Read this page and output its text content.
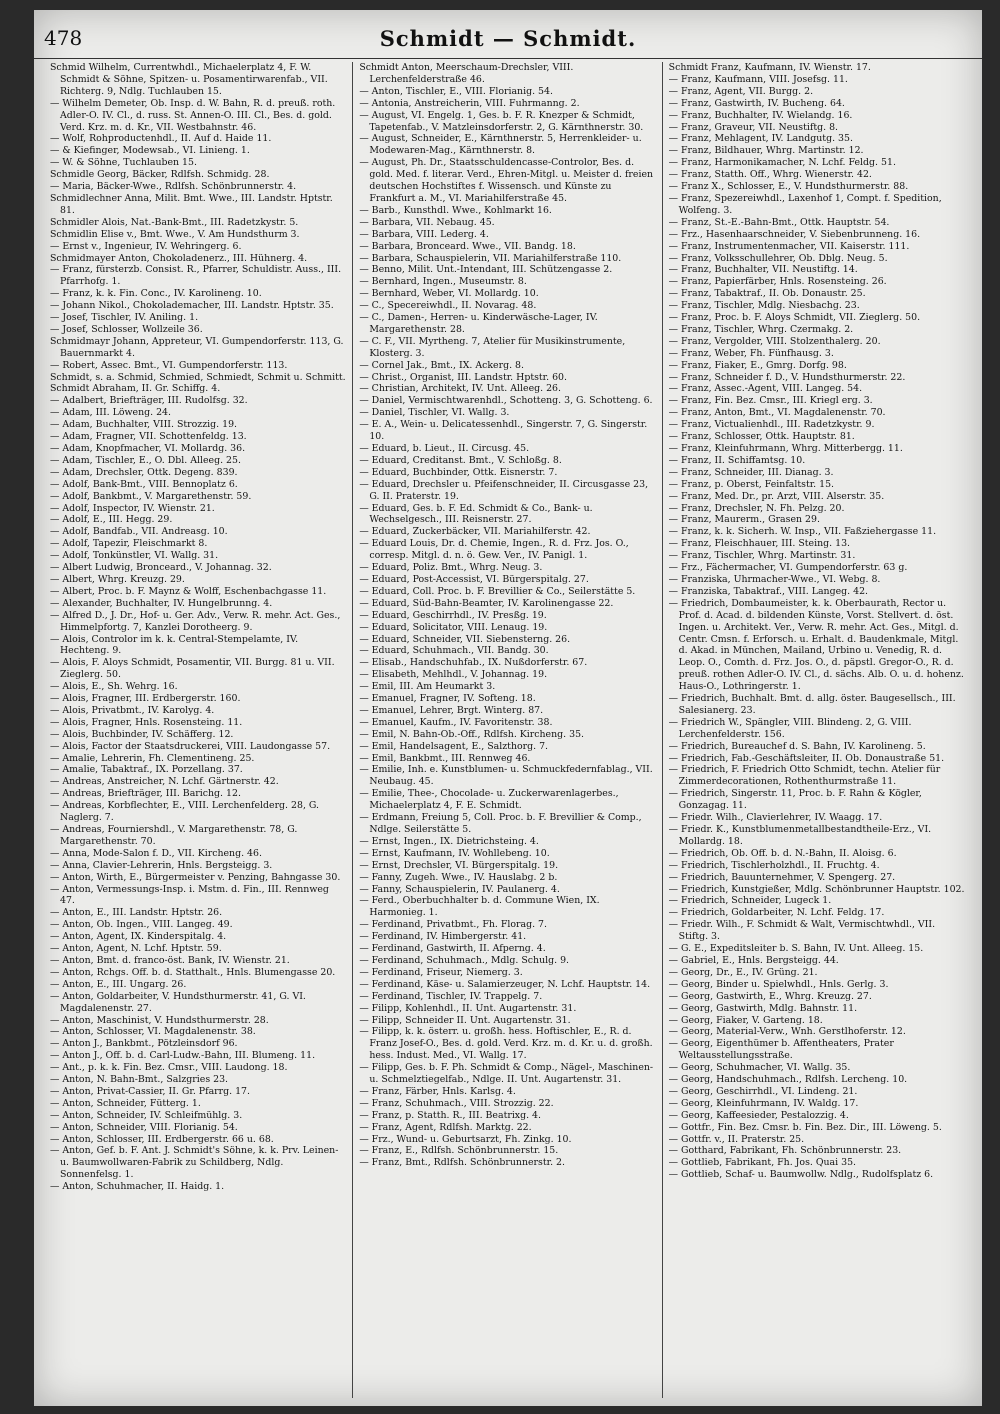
478	Schmidt — Schmidt.
Schmid Wilhelm, Currentwhdl., Michaelerplatz 4, F. W. Schmidt & Söhne, Spitzen- u. Posamentirwarenfab., VII. Richterg. 9, Ndlg. Tuchlauben 15.
— Wilhelm Demeter, Ob. Insp. d. W. Bahn, R. d. preuß. roth. Adler-O. IV. Cl., d. russ. St. Annen-O. III. Cl., Bes. d. gold. Verd. Krz. m. d. Kr., VII. Westbahnstr. 46.
— Wolf, Rohproductenhdl., II. Auf d. Haide 11.
— & Kiefinger, Modewsab., VI. Linieng. 1.
— W. & Söhne, Tuchlauben 15.
Schmidle Georg, Bäcker, Rdlfsh. Schmidg. 28.
— Maria, Bäcker-Wwe., Rdlfsh. Schönbrunnerstr. 4.
Schmidlechner Anna, Milit. Bmt. Wwe., III. Landstr. Hptstr. 81.
Schmidler Alois, Nat.-Bank-Bmt., III. Radetzkystr. 5.
Schmidlin Elise v., Bmt. Wwe., V. Am Hundsthurm 3.
— Ernst v., Ingenieur, IV. Wehringerg. 6.
Schmidmayer Anton, Chokoladenerz., III. Hühnerg. 4.
— Franz, fürsterzb. Consist. R., Pfarrer, Schuldistr. Auss., III. Pfarrhofg. 1.
— Franz, k. k. Fin. Conc., IV. Karolineng. 10.
— Johann Nikol., Chokolademacher, III. Landstr. Hptstr. 35.
— Josef, Tischler, IV. Aniling. 1.
— Josef, Schlosser, Wollzeile 36.
Schmidmayr Johann, Appreteur, VI. Gumpendorferstr. 113, G. Bauernmarkt 4.
— Robert, Assec. Bmt., VI. Gumpendorferstr. 113.
Schmidt, s. a. Schmid, Schmied, Schmiedt, Schmit u. Schmitt.
Schmidt Abraham, II. Gr. Schiffg. 4.
— Adalbert, Briefträger, III. Rudolfsg. 32.
— Adam, III. Löweng. 24.
— Adam, Buchhalter, VIII. Strozzig. 19.
— Adam, Fragner, VII. Schottenfeldg. 13.
— Adam, Knopfmacher, VI. Mollardg. 36.
— Adam, Tischler, E., O. Dbl. Alleeg. 25.
— Adam, Drechsler, Ottk. Degeng. 839.
— Adolf, Bank-Bmt., VIII. Bennoplatz 6.
— Adolf, Bankbmt., V. Margarethenstr. 59.
— Adolf, Inspector, IV. Wienstr. 21.
— Adolf, E., III. Hegg. 29.
— Adolf, Bandfab., VII. Andreasg. 10.
— Adolf, Tapezir, Fleischmarkt 8.
— Adolf, Tonkünstler, VI. Wallg. 31.
— Albert Ludwig, Bronceard., V. Johannag. 32.
— Albert, Whrg. Kreuzg. 29.
— Albert, Proc. b. F. Maynz & Wolff, Eschenbachgasse 11.
— Alexander, Buchhalter, IV. Hungelbrunng. 4.
— Alfred D., J. Dr., Hof- u. Ger. Adv., Verw. R. mehr. Act. Ges., Himmelpfortg. 7, Kanzlei Dorotheerg. 9.
— Alois, Controlor im k. k. Central-Stempelamte, IV. Hechteng. 9.
— Alois, F. Aloys Schmidt, Posamentir, VII. Burgg. 81 u. VII. Zieglerg. 50.
— Alois, E., Sh. Wehrg. 16.
— Alois, Fragner, III. Erdbergerstr. 160.
— Alois, Privatbmt., IV. Karolyg. 4.
— Alois, Fragner, Hnls. Rosensteing. 11.
— Alois, Buchbinder, IV. Schäfferg. 12.
— Alois, Factor der Staatsdruckerei, VIII. Laudongasse 57.
— Amalie, Lehrerin, Fh. Clementineng. 25.
— Amalie, Tabaktraf., IX. Porzellang. 37.
— Andreas, Anstreicher, N. Lchf. Gärtnerstr. 42.
— Andreas, Briefträger, III. Barichg. 12.
— Andreas, Korbflechter, E., VIII. Lerchenfelderg. 28, G. Naglerg. 7.
— Andreas, Fourniershdl., V. Margarethenstr. 78, G. Margarethenstr. 70.
— Anna, Mode-Salon f. D., VII. Kircheng. 46.
— Anna, Clavier-Lehrerin, Hnls. Bergsteigg. 3.
— Anton, Wirth, E., Bürgermeister v. Penzing, Bahngasse 30.
— Anton, Vermessungs-Insp. i. Mstm. d. Fin., III. Rennweg 47.
— Anton, E., III. Landstr. Hptstr. 26.
— Anton, Ob. Ingen., VIII. Langeg. 49.
— Anton, Agent, IX. Kinderspitalg. 4.
— Anton, Agent, N. Lchf. Hptstr. 59.
— Anton, Bmt. d. franco-öst. Bank, IV. Wienstr. 21.
— Anton, Rchgs. Off. b. d. Statthalt., Hnls. Blumengasse 20.
— Anton, E., III. Ungarg. 26.
— Anton, Goldarbeiter, V. Hundsthurmerstr. 41, G. VI. Magdalenenstr. 27.
— Anton, Maschinist, V. Hundsthurmerstr. 28.
— Anton, Schlosser, VI. Magdalenenstr. 38.
— Anton J., Bankbmt., Pötzleinsdorf 96.
— Anton J., Off. b. d. Carl-Ludw.-Bahn, III. Blumeng. 11.
— Ant., p. k. k. Fin. Bez. Cmsr., VIII. Laudong. 18.
— Anton, N. Bahn-Bmt., Salzgries 23.
— Anton, Privat-Cassier, II. Gr. Pfarrg. 17.
— Anton, Schneider, Fütterg. 1.
— Anton, Schneider, IV. Schleifmühlg. 3.
— Anton, Schneider, VIII. Florianig. 54.
— Anton, Schlosser, III. Erdbergerstr. 66 u. 68.
— Anton, Gef. b. F. Ant. J. Schmidt's Söhne, k. k. Prv. Leinen- u. Baumwollwaren-Fabrik zu Schildberg, Ndlg. Sonnenfelsg. 1.
— Anton, Schuhmacher, II. Haidg. 1.
Schmidt Anton, Meerschaum-Drechsler, VIII. Lerchenfelderstraße 46.
— Anton, Tischler, E., VIII. Florianig. 54.
— Antonia, Anstreicherin, VIII. Fuhrmanng. 2.
— August, VI. Engelg. 1, Ges. b. F. R. Knezper & Schmidt, Tapetenfab., V. Matzleinsdorferstr. 2, G. Kärnthnerstr. 30.
— August, Schneider, E., Kärnthnerstr. 5, Herrenkleider- u. Modewaren-Mag., Kärnthnerstr. 8.
— August, Ph. Dr., Staatsschuldencasse-Controlor, Bes. d. gold. Med. f. literar. Verd., Ehren-Mitgl. u. Meister d. freien deutschen Hochstiftes f. Wissensch. und Künste zu Frankfurt a. M., VI. Mariahilferstraße 45.
— Barb., Kunsthdl. Wwe., Kohlmarkt 16.
— Barbara, VII. Nebaug. 45.
— Barbara, VIII. Lederg. 4.
— Barbara, Bronceard. Wwe., VII. Bandg. 18.
— Barbara, Schauspielerin, VII. Mariahilferstraße 110.
— Benno, Milit. Unt.-Intendant, III. Schützengasse 2.
— Bernhard, Ingen., Museumstr. 8.
— Bernhard, Weber, VI. Mollardg. 10.
— C., Specereiwhdl., II. Novarag. 48.
— C., Damen-, Herren- u. Kinderwäsche-Lager, IV. Margarethenstr. 28.
— C. F., VII. Myrtheng. 7, Atelier für Musikinstrumente, Klosterg. 3.
— Cornel Jak., Bmt., IX. Ackerg. 8.
— Christ., Organist, III. Landstr. Hptstr. 60.
— Christian, Architekt, IV. Unt. Alleeg. 26.
— Daniel, Vermischtwarenhdl., Schotteng. 3, G. Schotteng. 6.
— Daniel, Tischler, VI. Wallg. 3.
— E. A., Wein- u. Delicatessenhdl., Singerstr. 7, G. Singerstr. 10.
— Eduard, b. Lieut., II. Circusg. 45.
— Eduard, Creditanst. Bmt., V. Schloßg. 8.
— Eduard, Buchbinder, Ottk. Eisnerstr. 7.
— Eduard, Drechsler u. Pfeifenschneider, II. Circusgasse 23, G. II. Praterstr. 19.
— Eduard, Ges. b. F. Ed. Schmidt & Co., Bank- u. Wechselgesch., III. Reisnerstr. 27.
— Eduard, Zuckerbäcker, VII. Mariahilferstr. 42.
— Eduard Louis, Dr. d. Chemie, Ingen., R. d. Frz. Jos. O., corresp. Mitgl. d. n. ö. Gew. Ver., IV. Panigl. 1.
— Eduard, Poliz. Bmt., Whrg. Neug. 3.
— Eduard, Post-Accessist, VI. Bürgerspitalg. 27.
— Eduard, Coll. Proc. b. F. Brevillier & Co., Seilerstätte 5.
— Eduard, Süd-Bahn-Beamter, IV. Karolinengasse 22.
— Eduard, Geschirrhdl., IV. Presßg. 19.
— Eduard, Solicitator, VIII. Lenaug. 19.
— Eduard, Schneider, VII. Siebensterng. 26.
— Eduard, Schuhmach., VII. Bandg. 30.
— Elisab., Handschuhfab., IX. Nußdorferstr. 67.
— Elisabeth, Mehlhdl., V. Johannag. 19.
— Emil, III. Am Heumarkt 3.
— Emanuel, Fragner, IV. Softeng. 18.
— Emanuel, Lehrer, Brgt. Winterg. 87.
— Emanuel, Kaufm., IV. Favoritenstr. 38.
— Emil, N. Bahn-Ob.-Off., Rdlfsh. Kircheng. 35.
— Emil, Handelsagent, E., Salzthorg. 7.
— Emil, Bankbmt., III. Rennweg 46.
— Emilie, Inh. e. Kunstblumen- u. Schmuckfedernfablag., VII. Neubaug. 45.
— Emilie, Thee-, Chocolade- u. Zuckerwarenlagerbes., Michaelerplatz 4, F. E. Schmidt.
— Erdmann, Freiung 5, Coll. Proc. b. F. Brevillier & Comp., Ndlge. Seilerstätte 5.
— Ernst, Ingen., IX. Dietrichsteing. 4.
— Ernst, Kaufmann, IV. Wohllebeng. 10.
— Ernst, Drechsler, VI. Bürgerspitalg. 19.
— Fanny, Zugeh. Wwe., IV. Hauslabg. 2 b.
— Fanny, Schauspielerin, IV. Paulanerg. 4.
— Ferd., Oberbuchhalter b. d. Commune Wien, IX. Harmonieg. 1.
— Ferdinand, Privatbmt., Fh. Florag. 7.
— Ferdinand, IV. Himbergerstr. 41.
— Ferdinand, Gastwirth, II. Afperng. 4.
— Ferdinand, Schuhmach., Mdlg. Schulg. 9.
— Ferdinand, Friseur, Niemerg. 3.
— Ferdinand, Käse- u. Salamierzeuger, N. Lchf. Hauptstr. 14.
— Ferdinand, Tischler, IV. Trappelg. 7.
— Filipp, Kohlenhdl., II. Unt. Augartenstr. 31.
— Filipp, Schneider II. Unt. Augartenstr. 31.
— Filipp, k. k. österr. u. großh. hess. Hoftischler, E., R. d. Franz Josef-O., Bes. d. gold. Verd. Krz. m. d. Kr. u. d. großh. hess. Indust. Med., VI. Wallg. 17.
— Filipp, Ges. b. F. Ph. Schmidt & Comp., Nägel-, Maschinen- u. Schmelztiegelfab., Ndlge. II. Unt. Augartenstr. 31.
— Franz, Färber, Hnls. Karlsg. 4.
— Franz, Schuhmach., VIII. Strozzig. 22.
— Franz, p. Statth. R., III. Beatrixg. 4.
— Franz, Agent, Rdlfsh. Marktg. 22.
— Frz., Wund- u. Geburtsarzt, Fh. Zinkg. 10.
— Franz, E., Rdlfsh. Schönbrunnerstr. 15.
— Franz, Bmt., Rdlfsh. Schönbrunnerstr. 2.
Schmidt Franz, Kaufmann, IV. Wienstr. 17.
— Franz, Kaufmann, VIII. Josefsg. 11.
— Franz, Agent, VII. Burgg. 2.
— Franz, Gastwirth, IV. Bucheng. 64.
— Franz, Buchhalter, IV. Wielandg. 16.
— Franz, Graveur, VII. Neustiftg. 8.
— Franz, Mehlagent, IV. Landgutg. 35.
— Franz, Bildhauer, Whrg. Martinstr. 12.
— Franz, Harmonikamacher, N. Lchf. Feldg. 51.
— Franz, Statth. Off., Whrg. Wienerstr. 42.
— Franz X., Schlosser, E., V. Hundsthurmerstr. 88.
— Franz, Spezereiwhdl., Laxenhof 1, Compt. f. Spedition, Wolfeng. 3.
— Franz, St.-E.-Bahn-Bmt., Ottk. Hauptstr. 54.
— Frz., Hasenhaarschneider, V. Siebenbrunneng. 16.
— Franz, Instrumentenmacher, VII. Kaiserstr. 111.
— Franz, Volksschullehrer, Ob. Dblg. Neug. 5.
— Franz, Buchhalter, VII. Neustiftg. 14.
— Franz, Papierfärber, Hnls. Rosensteing. 26.
— Franz, Tabaktraf., II. Ob. Donaustr. 25.
— Franz, Tischler, Mdlg. Niesbachg. 23.
— Franz, Proc. b. F. Aloys Schmidt, VII. Zieglerg. 50.
— Franz, Tischler, Whrg. Czermakg. 2.
— Franz, Vergolder, VIII. Stolzenthalerg. 20.
— Franz, Weber, Fh. Fünfhausg. 3.
— Franz, Fiaker, E., Gmrg. Dorfg. 98.
— Franz, Schneider f. D., V. Hundsthurmerstr. 22.
— Franz, Assec.-Agent, VIII. Langeg. 54.
— Franz, Fin. Bez. Cmsr., III. Kriegl erg. 3.
— Franz, Anton, Bmt., VI. Magdalenenstr. 70.
— Franz, Victualienhdl., III. Radetzkystr. 9.
— Franz, Schlosser, Ottk. Hauptstr. 81.
— Franz, Kleinfuhrmann, Whrg. Mitterbergg. 11.
— Franz, II. Schiffamtsg. 10.
— Franz, Schneider, III. Dianag. 3.
— Franz, p. Oberst, Feinfaltstr. 15.
— Franz, Med. Dr., pr. Arzt, VIII. Alserstr. 35.
— Franz, Drechsler, N. Fh. Pelzg. 20.
— Franz, Maurerm., Grasen 29.
— Franz, k. k. Sicherh. W. Insp., VII. Faßziehergasse 11.
— Franz, Fleischhauer, III. Steing. 13.
— Franz, Tischler, Whrg. Martinstr. 31.
— Frz., Fächermacher, VI. Gumpendorferstr. 63 g.
— Franziska, Uhrmacher-Wwe., VI. Webg. 8.
— Franziska, Tabaktraf., VIII. Langeg. 42.
— Friedrich, Dombaumeister, k. k. Oberbaurath, Rector u. Prof. d. Acad. d. bildenden Künste, Vorst. Stellvert. d. öst. Ingen. u. Architekt. Ver., Verw. R. mehr. Act. Ges., Mitgl. d. Centr. Cmsn. f. Erforsch. u. Erhalt. d. Baudenkmale, Mitgl. d. Akad. in München, Mailand, Urbino u. Venedig, R. d. Leop. O., Comth. d. Frz. Jos. O., d. päpstl. Gregor-O., R. d. preuß. rothen Adler-O. IV. Cl., d. sächs. Alb. O. u. d. hohenz. Haus-O., Lothringerstr. 1.
— Friedrich, Buchhalt. Bmt. d. allg. öster. Baugesellsch., III. Salesianerg. 23.
— Friedrich W., Spängler, VIII. Blindeng. 2, G. VIII. Lerchenfelderstr. 156.
— Friedrich, Bureauchef d. S. Bahn, IV. Karolineng. 5.
— Friedrich, Fab.-Geschäftsleiter, II. Ob. Donaustraße 51.
— Friedrich, F. Friedrich Otto Schmidt, techn. Atelier für Zimmerdecorationen, Rothenthurmstraße 11.
— Friedrich, Singerstr. 11, Proc. b. F. Rahn & Kögler, Gonzagag. 11.
— Friedr. Wilh., Clavierlehrer, IV. Waagg. 17.
— Friedr. K., Kunstblumenmetallbestandtheile-Erz., VI. Mollardg. 18.
— Friedrich, Ob. Off. b. d. N.-Bahn, II. Aloisg. 6.
— Friedrich, Tischlerholzhdl., II. Fruchtg. 4.
— Friedrich, Bauunternehmer, V. Spengerg. 27.
— Friedrich, Kunstgießer, Mdlg. Schönbrunner Hauptstr. 102.
— Friedrich, Schneider, Lugeck 1.
— Friedrich, Goldarbeiter, N. Lchf. Feldg. 17.
— Friedr. Wilh., F. Schmidt & Walt, Vermischtwhdl., VII. Stiftg. 3.
— G. E., Expeditsleiter b. S. Bahn, IV. Unt. Alleeg. 15.
— Gabriel, E., Hnls. Bergsteigg. 44.
— Georg, Dr., E., IV. Grüng. 21.
— Georg, Binder u. Spielwhdl., Hnls. Gerlg. 3.
— Georg, Gastwirth, E., Whrg. Kreuzg. 27.
— Georg, Gastwirth, Mdlg. Bahnstr. 11.
— Georg, Fiaker, V. Garteng. 18.
— Georg, Material-Verw., Wnh. Gerstlhoferstr. 12.
— Georg, Eigenthümer b. Affentheaters, Prater Weltausstellungsstraße.
— Georg, Schuhmacher, VI. Wallg. 35.
— Georg, Handschuhmach., Rdlfsh. Lercheng. 10.
— Georg, Geschirrhdl., VI. Lindeng. 21.
— Georg, Kleinfuhrmann, IV. Waldg. 17.
— Georg, Kaffeesieder, Pestalozzig. 4.
— Gottfr., Fin. Bez. Cmsr. b. Fin. Bez. Dir., III. Löweng. 5.
— Gottfr. v., II. Praterstr. 25.
— Gotthard, Fabrikant, Fh. Schönbrunnerstr. 23.
— Gottlieb, Fabrikant, Fh. Jos. Quai 35.
— Gottlieb, Schaf- u. Baumwollw. Ndlg., Rudolfsplatz 6.
